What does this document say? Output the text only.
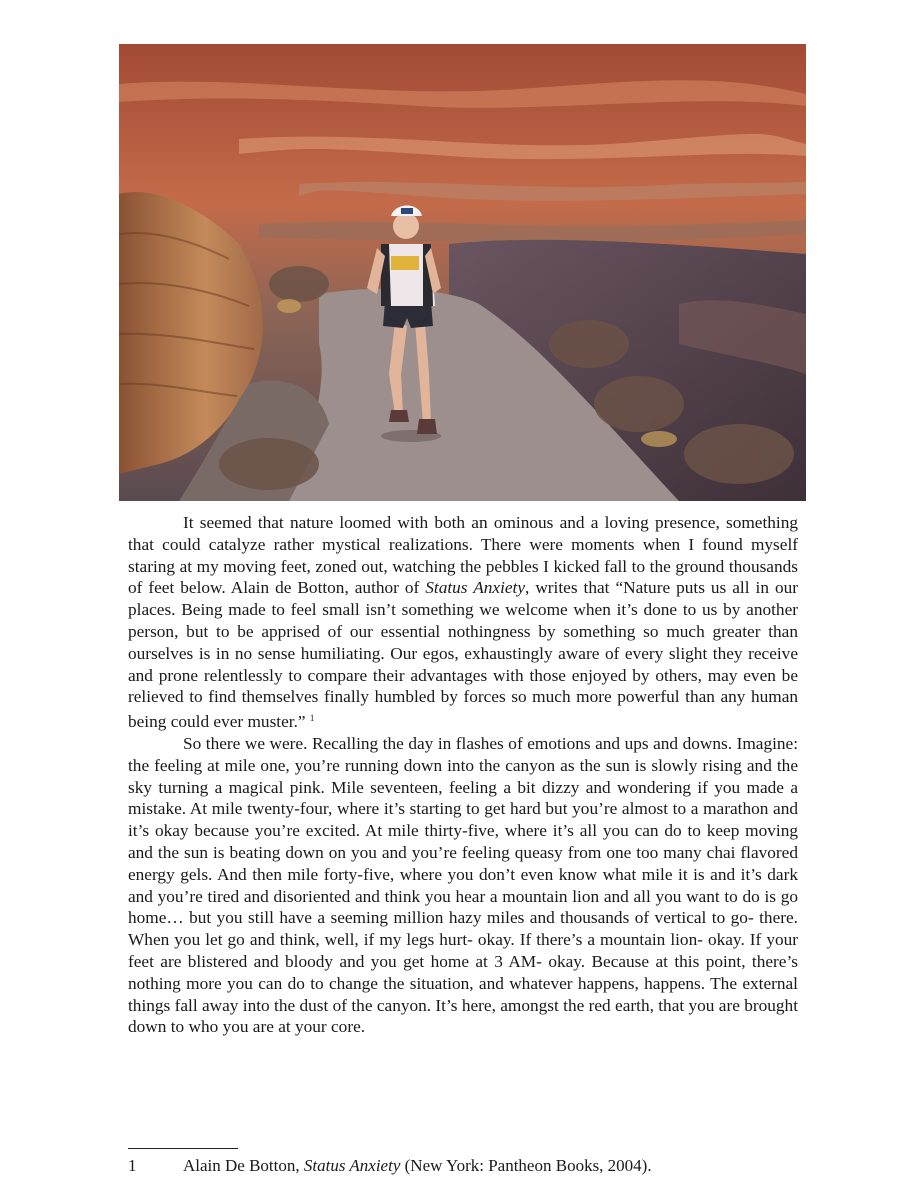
It seemed that nature loomed with both an ominous and a loving presence, something that could catalyze rather mystical realizations. There were moments when I found myself staring at my moving feet, zoned out, watching the pebbles I kicked fall to the ground thousands of feet below. Alain de Botton, author of Status Anxiety, writes that “Nature puts us all in our places. Being made to feel small isn’t something we welcome when it’s done to us by another person, but to be apprised of our essential nothingness by something so much greater than ourselves is in no sense humiliating. Our egos, exhaustingly aware of every slight they receive and prone relentlessly to compare their advantages with those enjoyed by others, may even be relieved to find themselves finally humbled by forces so much more powerful than any human being could ever muster.” $^1$

So there we were. Recalling the day in flashes of emotions and ups and downs. Imagine: the feeling at mile one, you’re running down into the canyon as the sun is slowly rising and the sky turning a magical pink. Mile seventeen, feeling a bit dizzy and wondering if you made a mistake. At mile twenty-four, where it’s starting to get hard but you’re almost to a marathon and it’s okay because you’re excited. At mile thirty-five, where it’s all you can do to keep moving and the sun is beating down on you and you’re feeling queasy from one too many chai flavored energy gels. And then mile forty-five, where you don’t even know what mile it is and it’s dark and you’re tired and disoriented and think you hear a mountain lion and all you want to do is go home… but you still have a seeming million hazy miles and thousands of vertical to go- there. When you let go and think, well, if my legs hurt- okay. If there’s a mountain lion- okay. If your feet are blistered and bloody and you get home at 3 AM- okay. Because at this point, there’s nothing more you can do to change the situation, and whatever happens, happens. The external things fall away into the dust of the canyon. It’s here, amongst the red earth, that you are brought down to who you are at your core.

1	Alain De Botton, Status Anxiety (New York: Pantheon Books, 2004).
